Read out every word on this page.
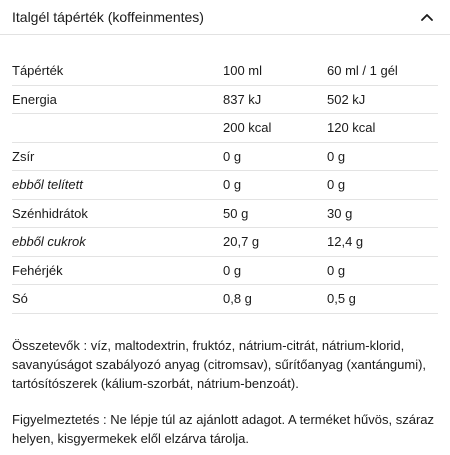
Italgél tápérték (koffeinmentes)
Tápérték	100 ml	60 ml / 1 gél
Energia	837 kJ	502 kJ
	200 kcal	120 kcal
Zsír	0 g	0 g
ebből telített	0 g	0 g
Szénhidrátok	50 g	30 g
ebből cukrok	20,7 g	12,4 g
Fehérjék	0 g	0 g
Só	0,8 g	0,5 g
Összetevők : víz, maltodextrin, fruktóz, nátrium-citrát, nátrium-klorid, savanyúságot szabályozó anyag (citromsav), sűrítőanyag (xantángumi), tartósítószerek (kálium-szorbát, nátrium-benzoát).
Figyelmeztetés : Ne lépje túl az ajánlott adagot. A terméket hűvös, száraz helyen, kisgyermekek elől elzárva tárolja.
